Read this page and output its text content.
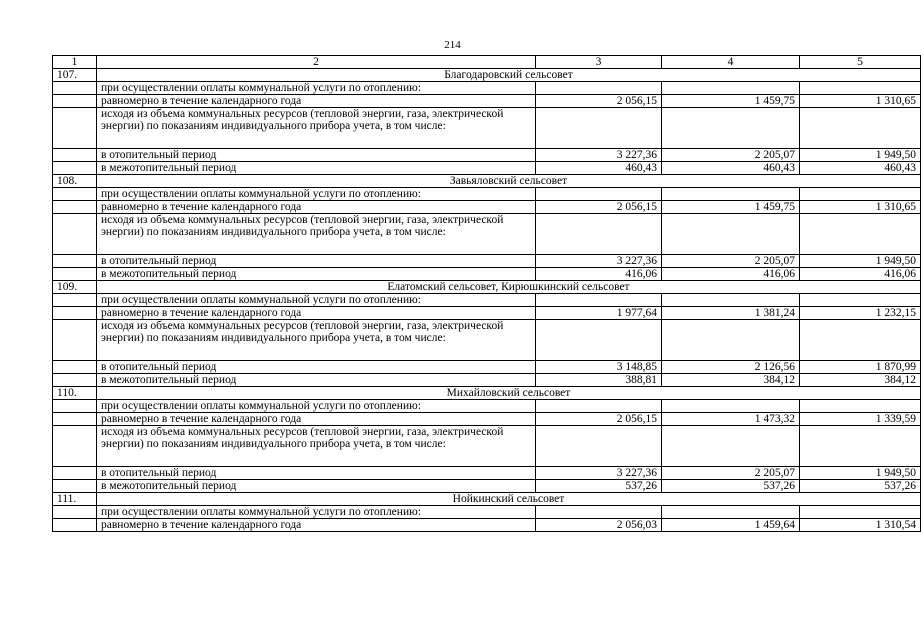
214
1	2	3	4	5
107.	Благодаровский сельсовет			
	при осуществлении оплаты коммунальной услуги по отоплению:			
	равномерно в течение календарного года	2 056,15	1 459,75	1 310,65
	исходя из объема коммунальных ресурсов (тепловой энергии, газа, электрической энергии) по показаниям индивидуального прибора учета, в том числе:			
	в отопительный период	3 227,36	2 205,07	1 949,50
	в межотопительный период	460,43	460,43	460,43
108.	Завьяловский сельсовет			
	при осуществлении оплаты коммунальной услуги по отоплению:			
	равномерно в течение календарного года	2 056,15	1 459,75	1 310,65
	исходя из объема коммунальных ресурсов (тепловой энергии, газа, электрической энергии) по показаниям индивидуального прибора учета, в том числе:			
	в отопительный период	3 227,36	2 205,07	1 949,50
	в межотопительный период	416,06	416,06	416,06
109.	Елатомский сельсовет, Кирюшкинский сельсовет			
	при осуществлении оплаты коммунальной услуги по отоплению:			
	равномерно в течение календарного года	1 977,64	1 381,24	1 232,15
	исходя из объема коммунальных ресурсов (тепловой энергии, газа, электрической энергии) по показаниям индивидуального прибора учета, в том числе:			
	в отопительный период	3 148,85	2 126,56	1 870,99
	в межотопительный период	388,81	384,12	384,12
110.	Михайловский сельсовет			
	при осуществлении оплаты коммунальной услуги по отоплению:			
	равномерно в течение календарного года	2 056,15	1 473,32	1 339,59
	исходя из объема коммунальных ресурсов (тепловой энергии, газа, электрической энергии) по показаниям индивидуального прибора учета, в том числе:			
	в отопительный период	3 227,36	2 205,07	1 949,50
	в межотопительный период	537,26	537,26	537,26
111.	Нойкинский сельсовет			
	при осуществлении оплаты коммунальной услуги по отоплению:			
	равномерно в течение календарного года	2 056,03	1 459,64	1 310,54
